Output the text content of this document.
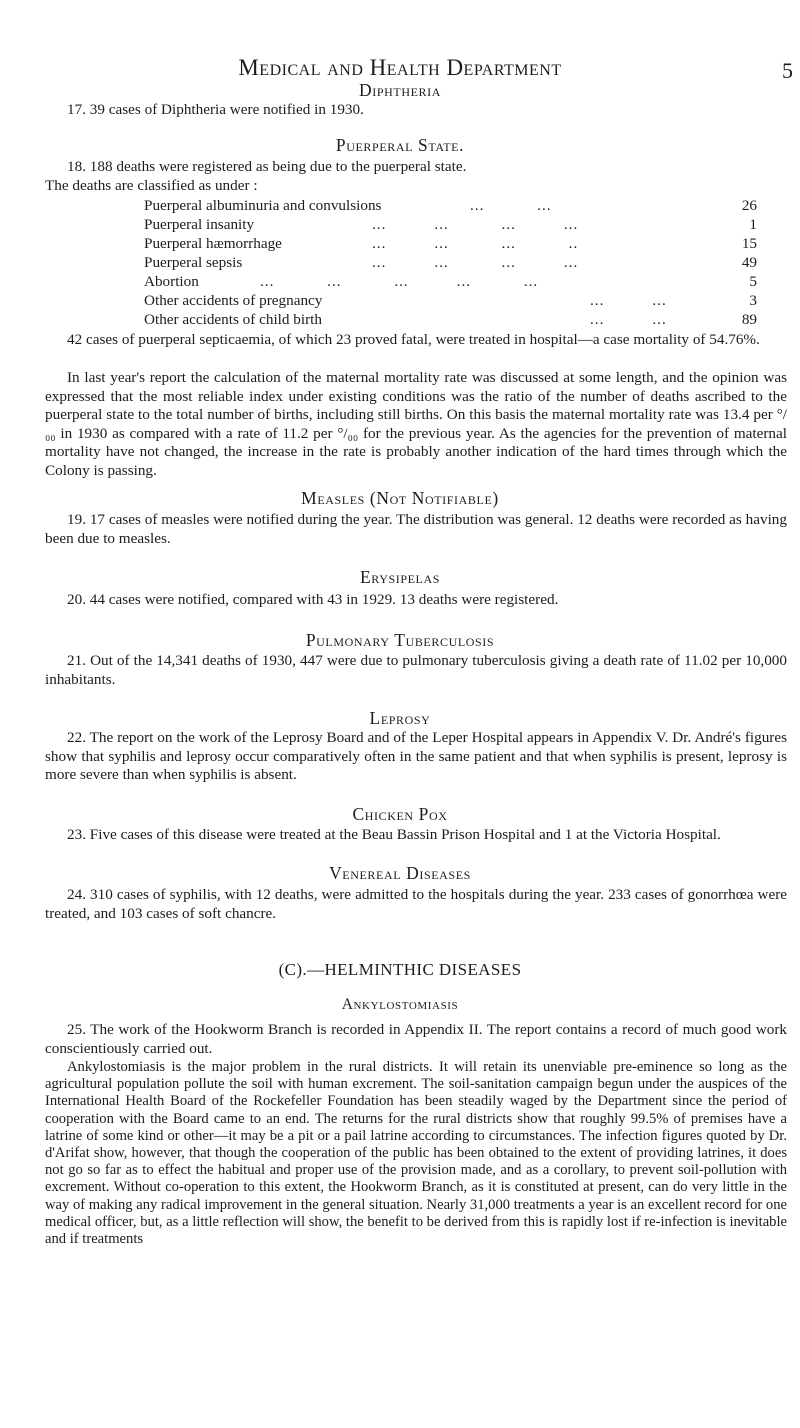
Medical and Health Department	5
Diphtheria

17. 39 cases of Diphtheria were notified in 1930.

Puerperal State.

18. 188 deaths were registered as being due to the puerperal state.

The deaths are classified as under :

Puerperal albuminuria and convulsions	...           ...	26
Puerperal insanity	...          ...           ...          ...	1
Puerperal hæmorrhage	...          ...           ...           ..	15
Puerperal sepsis	...          ...           ...          ...	49
Abortion	...           ...           ...          ...           ...	5
Other accidents of pregnancy	...          ...	3
Other accidents of child birth	...          ...	89

42 cases of puerperal septicaemia, of which 23 proved fatal, were treated in hospital—a case mortality of 54.76%.

In last year's report the calculation of the maternal mortality rate was discussed at some length, and the opinion was expressed that the most reliable index under existing conditions was the ratio of the number of deaths ascribed to the puerperal state to the total number of births, including still births. On this basis the maternal mortality rate was 13.4 per °/₀₀ in 1930 as compared with a rate of 11.2 per °/₀₀ for the previous year. As the agencies for the prevention of maternal mortality have not changed, the increase in the rate is probably another indication of the hard times through which the Colony is passing.

Measles (Not Notifiable)

19. 17 cases of measles were notified during the year. The distribution was general. 12 deaths were recorded as having been due to measles.

Erysipelas

20. 44 cases were notified, compared with 43 in 1929. 13 deaths were registered.

Pulmonary Tuberculosis

21. Out of the 14,341 deaths of 1930, 447 were due to pulmonary tuberculosis giving a death rate of 11.02 per 10,000 inhabitants.

Leprosy

22. The report on the work of the Leprosy Board and of the Leper Hospital appears in Appendix V. Dr. André's figures show that syphilis and leprosy occur comparatively often in the same patient and that when syphilis is present, leprosy is more severe than when syphilis is absent.

Chicken Pox

23. Five cases of this disease were treated at the Beau Bassin Prison Hospital and 1 at the Victoria Hospital.

Venereal Diseases

24. 310 cases of syphilis, with 12 deaths, were admitted to the hospitals during the year. 233 cases of gonorrhœa were treated, and 103 cases of soft chancre.

(C).—HELMINTHIC DISEASES
Ankylostomiasis

25. The work of the Hookworm Branch is recorded in Appendix II. The report contains a record of much good work conscientiously carried out.

Ankylostomiasis is the major problem in the rural districts. It will retain its unenviable pre-eminence so long as the agricultural population pollute the soil with human excrement. The soil-sanitation campaign begun under the auspices of the International Health Board of the Rockefeller Foundation has been steadily waged by the Department since the period of cooperation with the Board came to an end. The returns for the rural districts show that roughly 99.5% of premises have a latrine of some kind or other—it may be a pit or a pail latrine according to circumstances. The infection figures quoted by Dr. d'Arifat show, however, that though the cooperation of the public has been obtained to the extent of providing latrines, it does not go so far as to effect the habitual and proper use of the provision made, and as a corollary, to prevent soil-pollution with excrement. Without co-operation to this extent, the Hookworm Branch, as it is constituted at present, can do very little in the way of making any radical improvement in the general situation. Nearly 31,000 treatments a year is an excellent record for one medical officer, but, as a little reflection will show, the benefit to be derived from this is rapidly lost if re-infection is inevitable and if treatments
